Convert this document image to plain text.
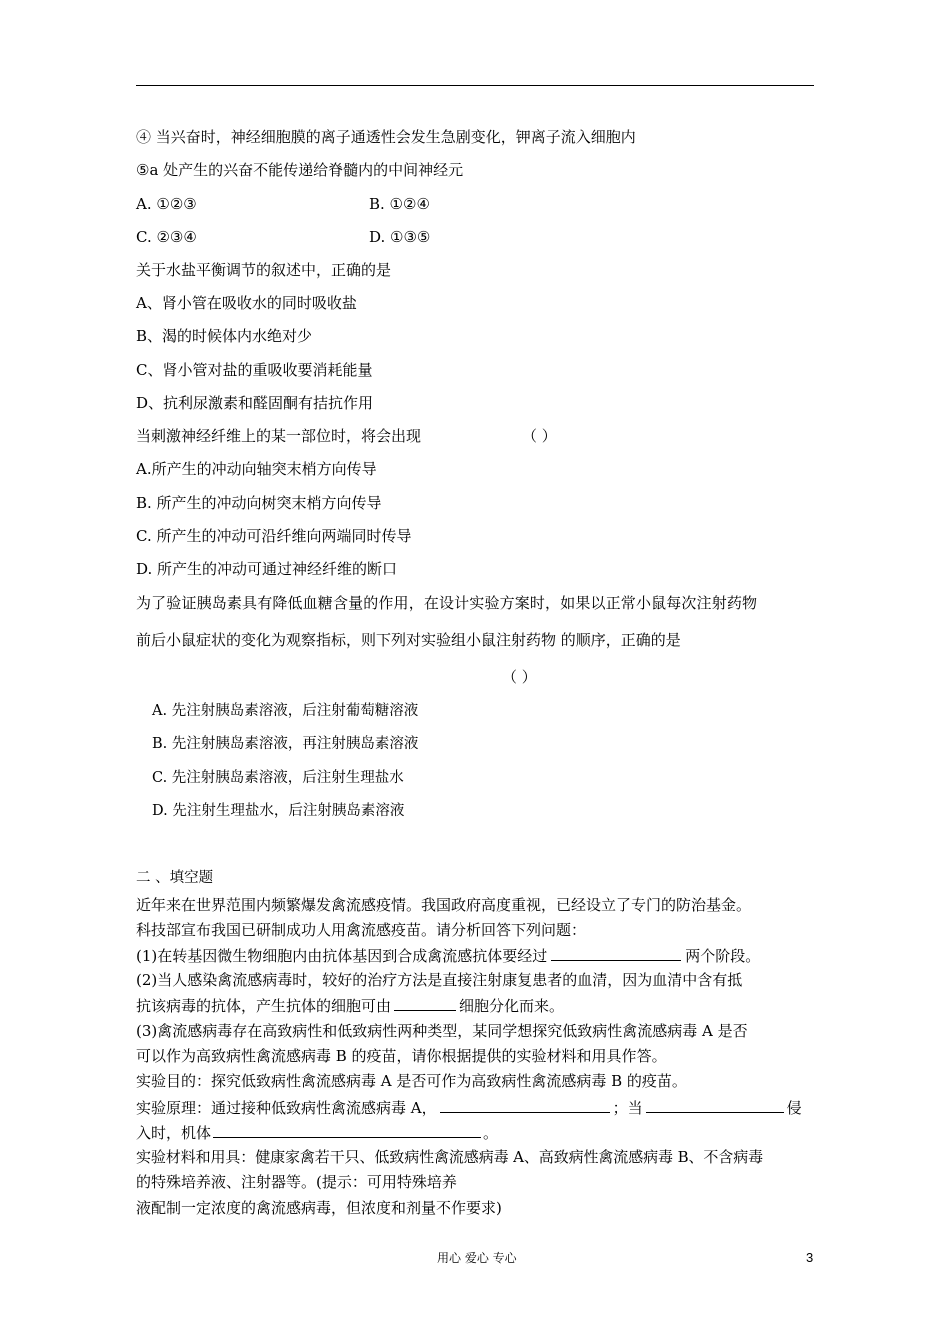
④ 当兴奋时，神经细胞膜的离子通透性会发生急剧变化，钾离子流入细胞内
⑤a 处产生的兴奋不能传递给脊髓内的中间神经元
A. ①②③	B. ①②④
C. ②③④	D. ①③⑤
关于水盐平衡调节的叙述中，正确的是
A、肾小管在吸收水的同时吸收盐
B、渴的时候体内水绝对少
C、肾小管对盐的重吸收要消耗能量
D、抗利尿激素和醛固酮有拮抗作用
当刺激神经纤维上的某一部位时，将会出现	（ ）
A.所产生的冲动向轴突末梢方向传导
B. 所产生的冲动向树突末梢方向传导
C. 所产生的冲动可沿纤维向两端同时传导
D. 所产生的冲动可通过神经纤维的断口
为了验证胰岛素具有降低血糖含量的作用，在设计实验方案时，如果以正常小鼠每次注射药物
前后小鼠症状的变化为观察指标，则下列对实验组小鼠注射药物 的顺序，正确的是
（ ）
A. 先注射胰岛素溶液，后注射葡萄糖溶液
B. 先注射胰岛素溶液，再注射胰岛素溶液
C. 先注射胰岛素溶液，后注射生理盐水
D. 先注射生理盐水，后注射胰岛素溶液
二 、填空题
近年来在世界范围内频繁爆发禽流感疫情。我国政府高度重视，已经设立了专门的防治基金。
科技部宣布我国已研制成功人用禽流感疫苗。请分析回答下列问题：
(1)在转基因微生物细胞内由抗体基因到合成禽流感抗体要经过	两个阶段。
(2)当人感染禽流感病毒时，较好的治疗方法是直接注射康复患者的血清，因为血清中含有抵
抗该病毒的抗体，产生抗体的细胞可由	细胞分化而来。
(3)禽流感病毒存在高致病性和低致病性两种类型，某同学想探究低致病性禽流感病毒 A 是否
可以作为高致病性禽流感病毒 B 的疫苗，请你根据提供的实验材料和用具作答。
实验目的：探究低致病性禽流感病毒 A 是否可作为高致病性禽流感病毒 B 的疫苗。
实验原理：通过接种低致病性禽流感病毒 A，	；当	侵
入时，机体	。
实验材料和用具：健康家禽若干只、低致病性禽流感病毒 A、高致病性禽流感病毒 B、不含病毒
的特殊培养液、注射器等。(提示：可用特殊培养
液配制一定浓度的禽流感病毒，但浓度和剂量不作要求)
用心 爱心 专心	3
